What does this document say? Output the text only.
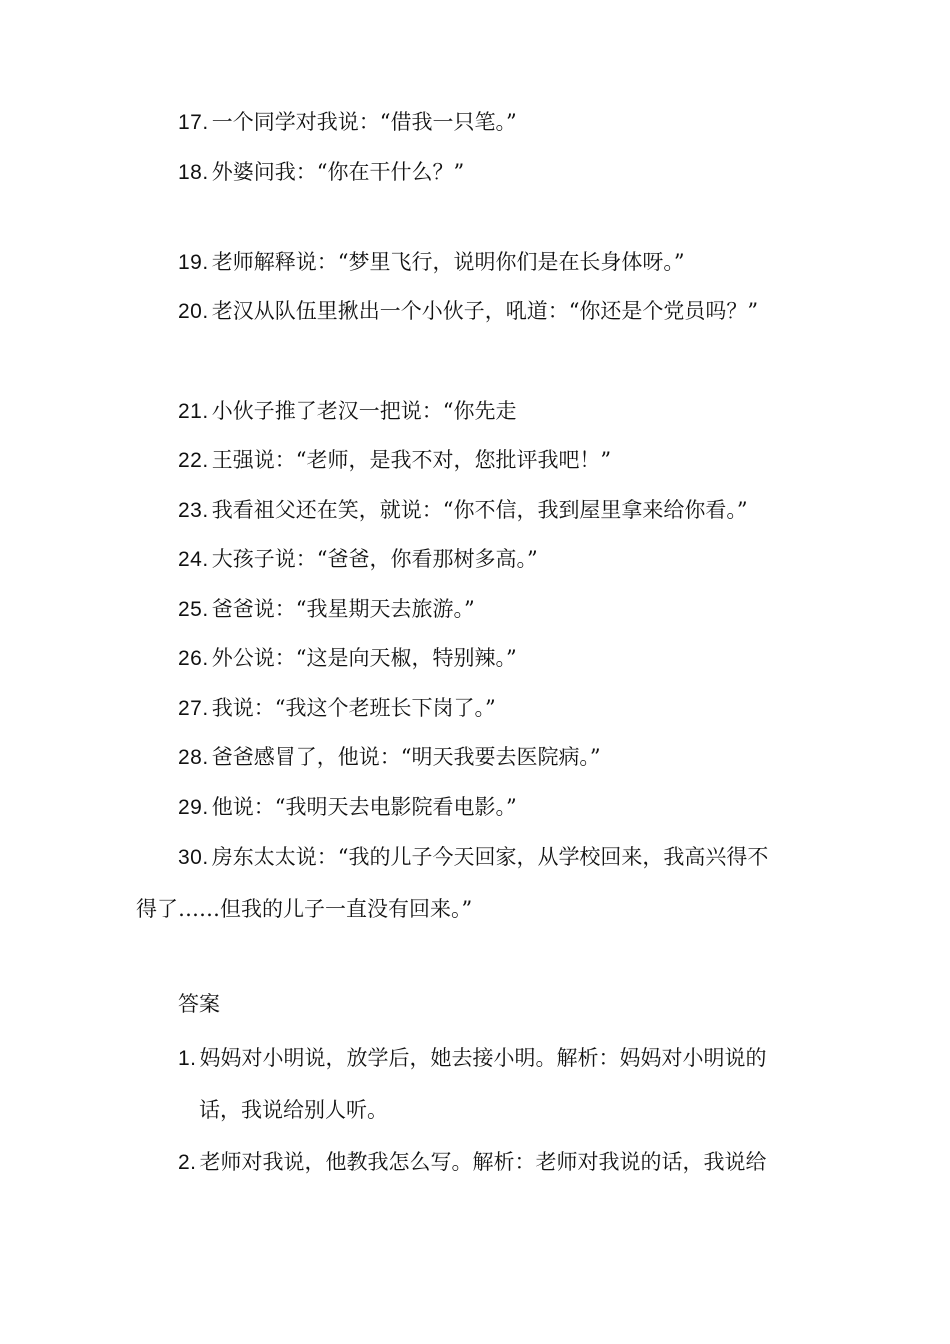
17. 一个同学对我说：“借我一只笔。”
18. 外婆问我：“你在干什么？”
19. 老师解释说：“梦里飞行，说明你们是在长身体呀。”
20. 老汉从队伍里揪出一个小伙子，吼道：“你还是个党员吗？”
21. 小伙子推了老汉一把说：“你先走
22. 王强说：“老师，是我不对，您批评我吧！”
23. 我看祖父还在笑，就说：“你不信，我到屋里拿来给你看。”
24. 大孩子说：“爸爸，你看那树多高。”
25. 爸爸说：“我星期天去旅游。”
26. 外公说：“这是向天椒，特别辣。”
27. 我说：“我这个老班长下岗了。”
28. 爸爸感冒了，他说：“明天我要去医院病。”
29. 他说：“我明天去电影院看电影。”
30. 房东太太说：“我的儿子今天回家，从学校回来，我高兴得不
得了……但我的儿子一直没有回来。”
答案
1. 妈妈对小明说，放学后，她去接小明。解析：妈妈对小明说的
话，我说给别人听。
2. 老师对我说，他教我怎么写。解析：老师对我说的话，我说给
